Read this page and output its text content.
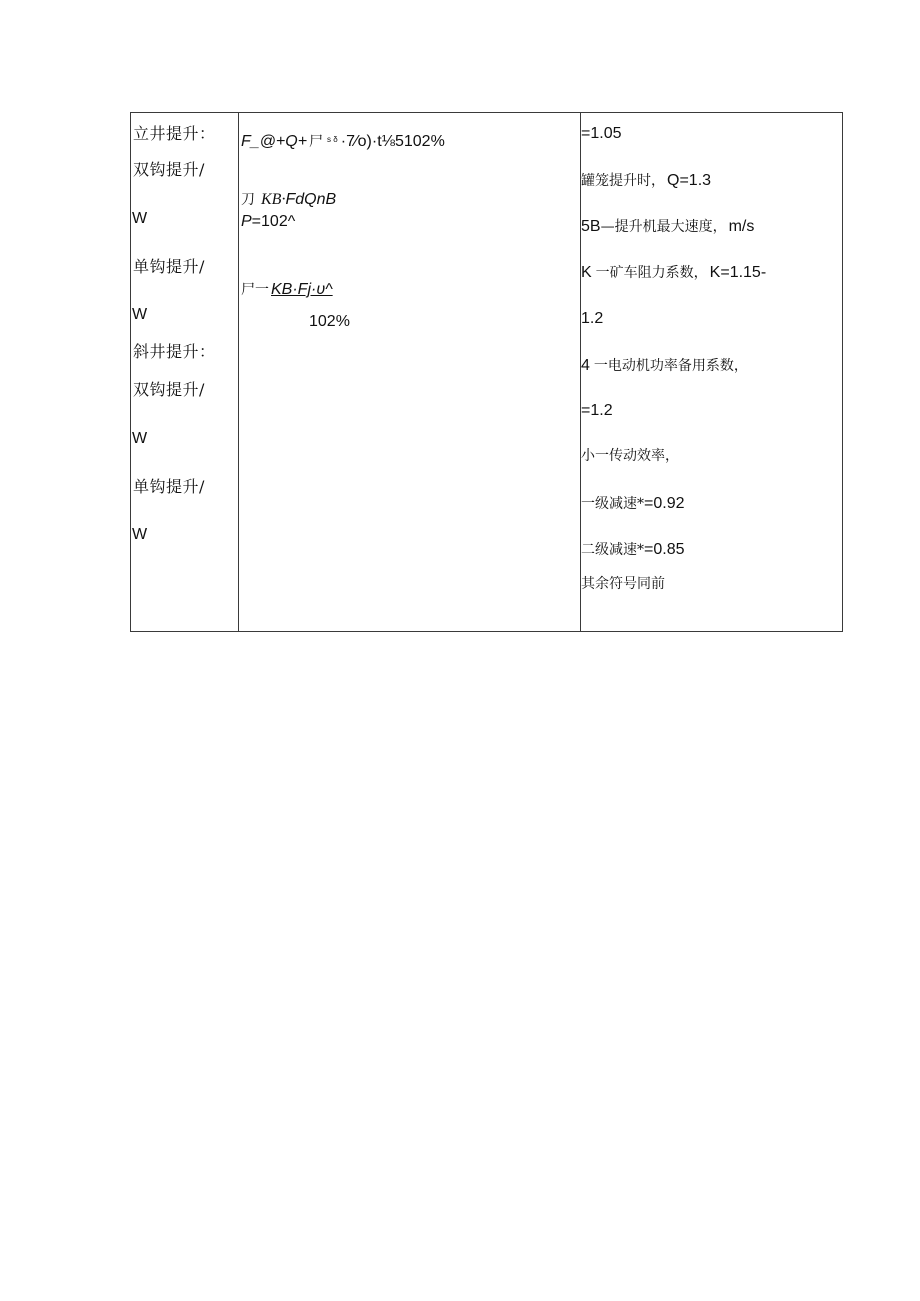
立井提升：
双钩提升/
W
单钩提升/
W
斜井提升：
双钩提升/
W
单钩提升/
W
F_@+Q+ 尸 $^{s \delta}$ ·7⁄o)·t⅛5102%
刀 KB·FdQnB
P=102^
尸一 KB·Fj·υ^
102%
=1.05
罐笼提升时， Q=1.3
5B—提升机最大速度， m/s
K 一矿车阻力系数， K=1.15-
1.2
4 一电动机功率备用系数，
=1.2
小一传动效率，
一级减速*=0.92
二级减速*=0.85
其余符号同前
